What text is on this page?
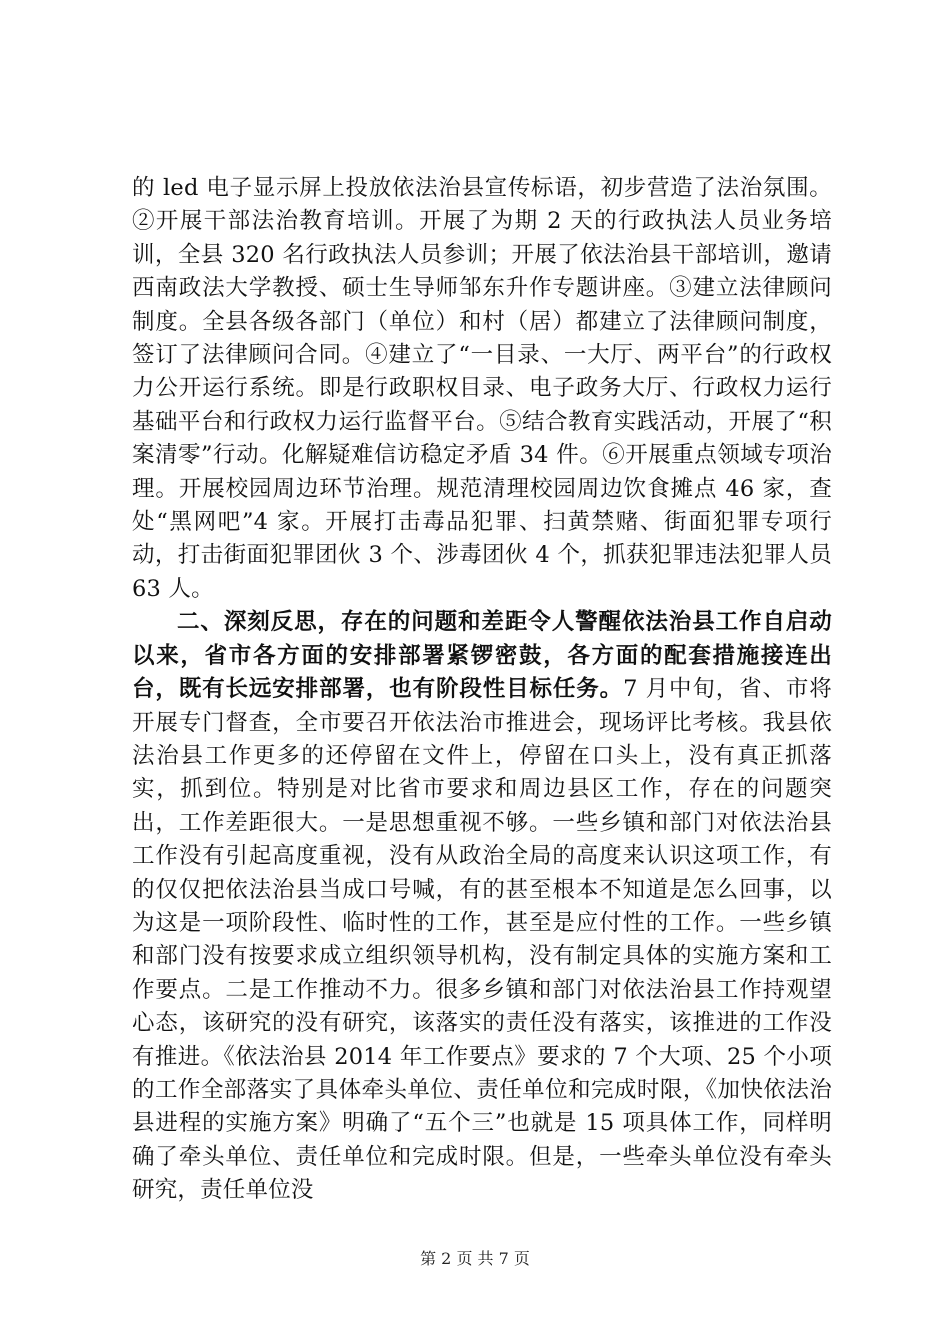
的 led 电子显示屏上投放依法治县宣传标语，初步营造了法治氛围。②开展干部法治教育培训。开展了为期 2 天的行政执法人员业务培训，全县 320 名行政执法人员参训；开展了依法治县干部培训，邀请西南政法大学教授、硕士生导师邹东升作专题讲座。③建立法律顾问制度。全县各级各部门（单位）和村（居）都建立了法律顾问制度，签订了法律顾问合同。④建立了“一目录、一大厅、两平台”的行政权力公开运行系统。即是行政职权目录、电子政务大厅、行政权力运行基础平台和行政权力运行监督平台。⑤结合教育实践活动，开展了“积案清零”行动。化解疑难信访稳定矛盾 34 件。⑥开展重点领域专项治理。开展校园周边环节治理。规范清理校园周边饮食摊点 46 家，查处“黑网吧”4 家。开展打击毒品犯罪、扫黄禁赌、街面犯罪专项行动，打击街面犯罪团伙 3 个、涉毒团伙 4 个，抓获犯罪违法犯罪人员 63 人。

二、深刻反思，存在的问题和差距令人警醒依法治县工作自启动以来，省市各方面的安排部署紧锣密鼓，各方面的配套措施接连出台，既有长远安排部署，也有阶段性目标任务。7 月中旬，省、市将开展专门督查，全市要召开依法治市推进会，现场评比考核。我县依法治县工作更多的还停留在文件上，停留在口头上，没有真正抓落实，抓到位。特别是对比省市要求和周边县区工作，存在的问题突出，工作差距很大。一是思想重视不够。一些乡镇和部门对依法治县工作没有引起高度重视，没有从政治全局的高度来认识这项工作，有的仅仅把依法治县当成口号喊，有的甚至根本不知道是怎么回事，以为这是一项阶段性、临时性的工作，甚至是应付性的工作。一些乡镇和部门没有按要求成立组织领导机构，没有制定具体的实施方案和工作要点。二是工作推动不力。很多乡镇和部门对依法治县工作持观望心态，该研究的没有研究，该落实的责任没有落实，该推进的工作没有推进。《依法治县 2014 年工作要点》要求的 7 个大项、25 个小项的工作全部落实了具体牵头单位、责任单位和完成时限，《加快依法治县进程的实施方案》明确了“五个三”也就是 15 项具体工作，同样明确了牵头单位、责任单位和完成时限。但是，一些牵头单位没有牵头研究，责任单位没

第 2 页 共 7 页
